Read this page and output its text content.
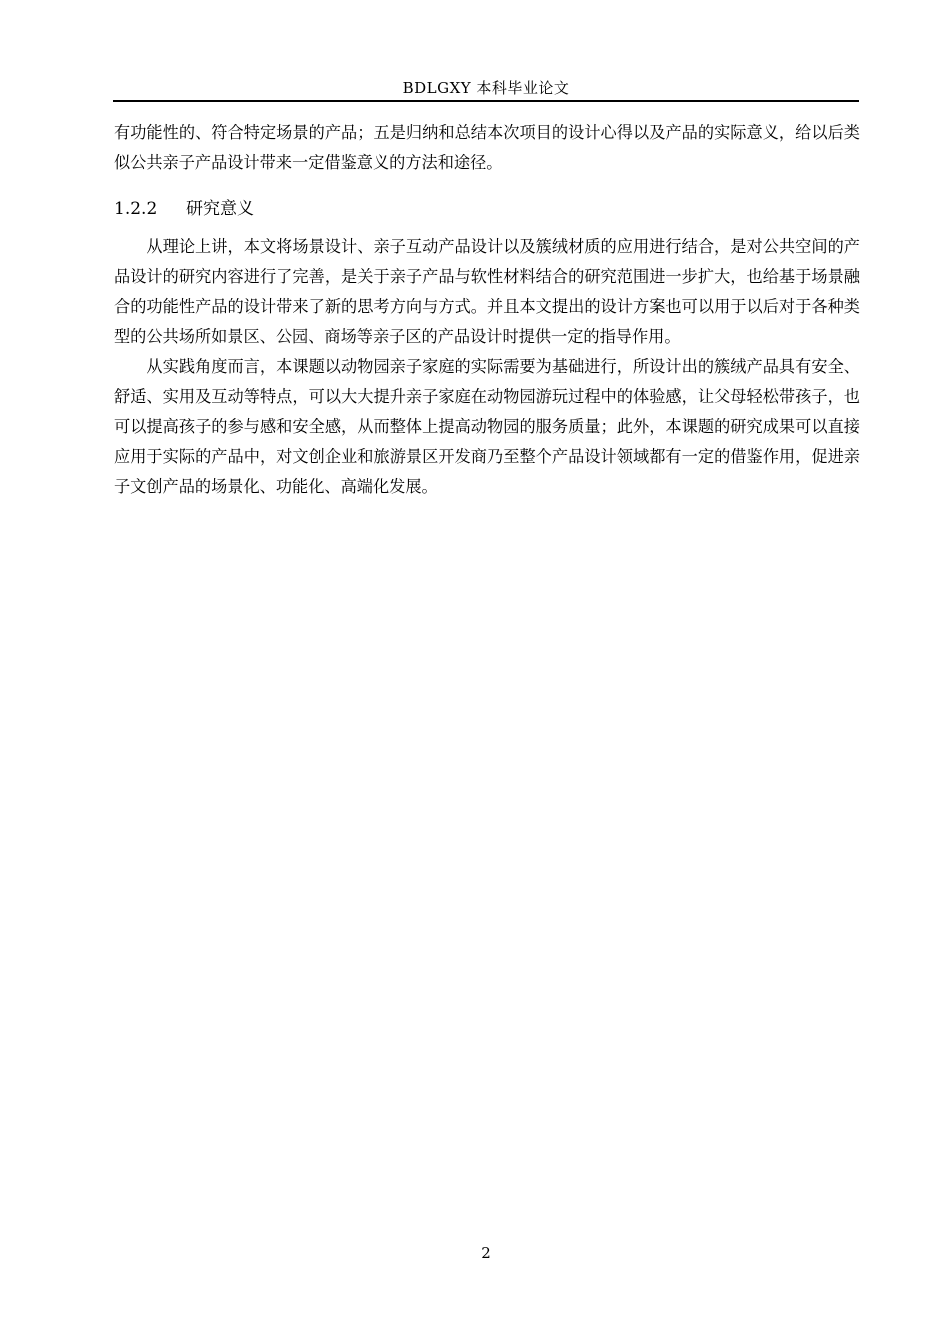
BDLGXY 本科毕业论文

有功能性的、符合特定场景的产品；五是归纳和总结本次项目的设计心得以及产品的实际意义，给以后类似公共亲子产品设计带来一定借鉴意义的方法和途径。

1.2.2 研究意义

从理论上讲，本文将场景设计、亲子互动产品设计以及簇绒材质的应用进行结合，是对公共空间的产品设计的研究内容进行了完善，是关于亲子产品与软性材料结合的研究范围进一步扩大，也给基于场景融合的功能性产品的设计带来了新的思考方向与方式。并且本文提出的设计方案也可以用于以后对于各种类型的公共场所如景区、公园、商场等亲子区的产品设计时提供一定的指导作用。

从实践角度而言，本课题以动物园亲子家庭的实际需要为基础进行，所设计出的簇绒产品具有安全、舒适、实用及互动等特点，可以大大提升亲子家庭在动物园游玩过程中的体验感，让父母轻松带孩子，也可以提高孩子的参与感和安全感，从而整体上提高动物园的服务质量；此外，本课题的研究成果可以直接应用于实际的产品中，对文创企业和旅游景区开发商乃至整个产品设计领域都有一定的借鉴作用，促进亲子文创产品的场景化、功能化、高端化发展。

2
